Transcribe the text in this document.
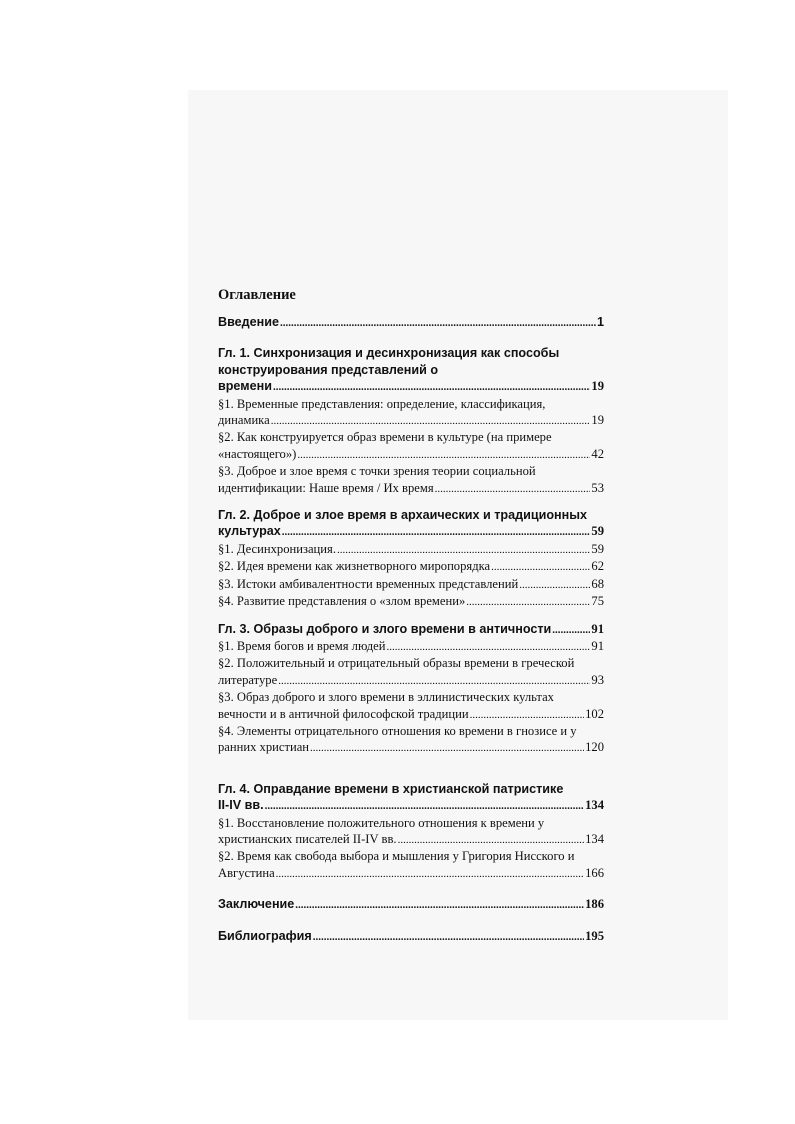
Оглавление
Введение .....	1
Гл. 1. Синхронизация и десинхронизация как способы
конструирования представлений о
времени .....	19
§1. Временные представления: определение, классификация,
динамика .....	19
§2. Как конструируется образ времени в культуре (на примере
«настоящего») .....	42
§3. Доброе и злое время с точки зрения теории социальной
идентификации: Наше время / Их время .....	53
Гл. 2. Доброе и злое время в архаических и традиционных
культурах .....	59
§1. Десинхронизация. .....	59
§2. Идея времени как жизнетворного миропорядка .....	62
§3. Истоки амбивалентности временных представлений .....	68
§4. Развитие представления о «злом времени» .....	75
Гл. 3. Образы доброго и злого времени в античности .....	91
§1. Время богов и время людей .....	91
§2. Положительный и отрицательный образы времени в греческой
литературе .....	93
§3. Образ доброго и злого времени в эллинистических культах
вечности и в античной философской традиции .....	102
§4. Элементы отрицательного отношения ко времени в гнозисе и у
ранних христиан .....	120
Гл. 4. Оправдание времени в христианской патристике
II-IV вв. .....	134
§1. Восстановление положительного отношения к времени у
христианских писателей II-IV вв. .....	134
§2. Время как свобода выбора и мышления у Григория Нисского и
Августина .....	166
Заключение .....	186
Библиография .....	195
